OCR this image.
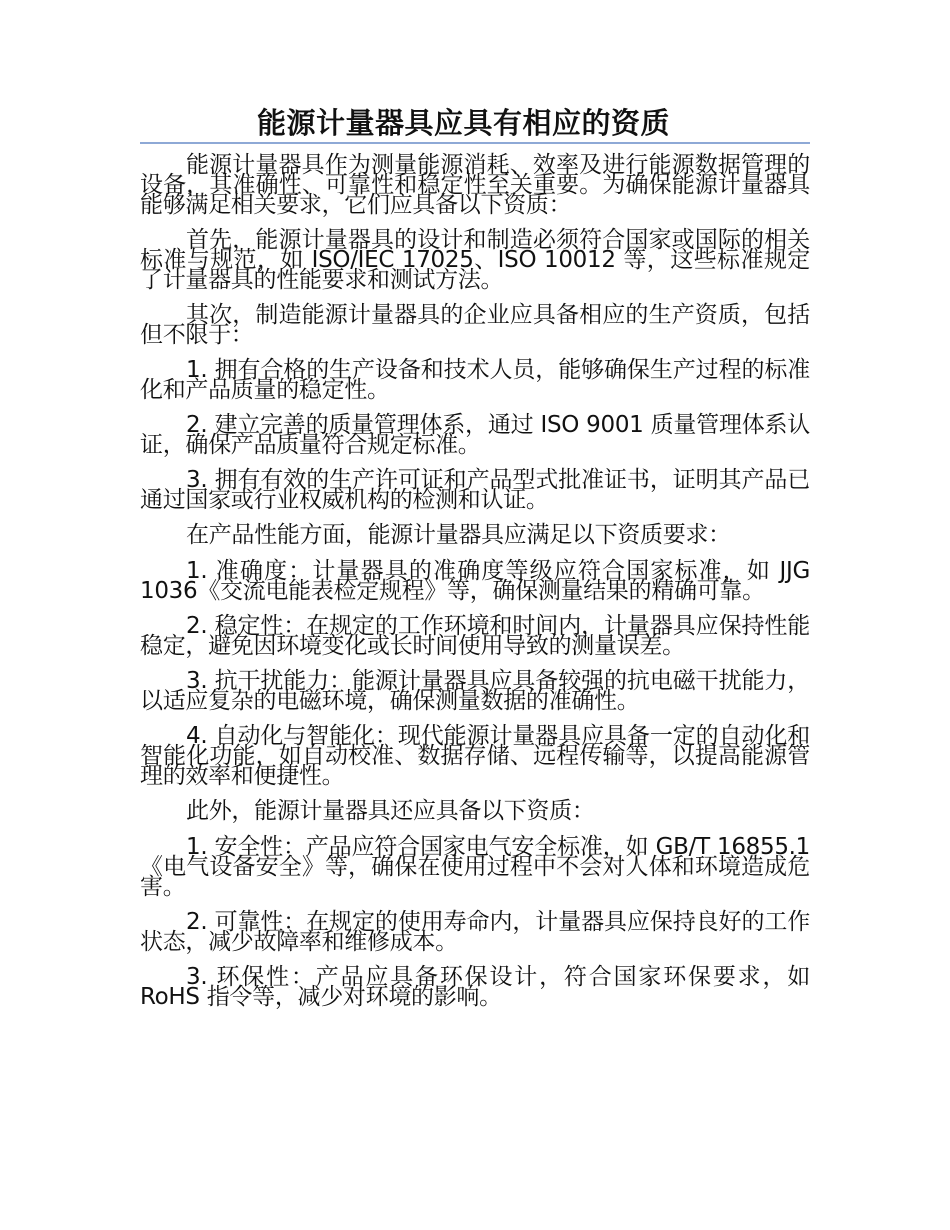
能源计量器具应具有相应的资质

能源计量器具作为测量能源消耗、效率及进行能源数据管理的设备，其准确性、可靠性和稳定性至关重要。为确保能源计量器具能够满足相关要求，它们应具备以下资质：

首先，能源计量器具的设计和制造必须符合国家或国际的相关标准与规范，如 ISO/IEC 17025、ISO 10012 等，这些标准规定了计量器具的性能要求和测试方法。

其次，制造能源计量器具的企业应具备相应的生产资质，包括但不限于：

1. 拥有合格的生产设备和技术人员，能够确保生产过程的标准化和产品质量的稳定性。

2. 建立完善的质量管理体系，通过 ISO 9001 质量管理体系认证，确保产品质量符合规定标准。

3. 拥有有效的生产许可证和产品型式批准证书，证明其产品已通过国家或行业权威机构的检测和认证。

在产品性能方面，能源计量器具应满足以下资质要求：

1. 准确度：计量器具的准确度等级应符合国家标准，如 JJG 1036《交流电能表检定规程》等，确保测量结果的精确可靠。

2. 稳定性：在规定的工作环境和时间内，计量器具应保持性能稳定，避免因环境变化或长时间使用导致的测量误差。

3. 抗干扰能力：能源计量器具应具备较强的抗电磁干扰能力，以适应复杂的电磁环境，确保测量数据的准确性。

4. 自动化与智能化：现代能源计量器具应具备一定的自动化和智能化功能，如自动校准、数据存储、远程传输等，以提高能源管理的效率和便捷性。

此外，能源计量器具还应具备以下资质：

1. 安全性：产品应符合国家电气安全标准，如 GB/T 16855.1《电气设备安全》等，确保在使用过程中不会对人体和环境造成危害。

2. 可靠性：在规定的使用寿命内，计量器具应保持良好的工作状态，减少故障率和维修成本。

3. 环保性：产品应具备环保设计，符合国家环保要求，如 RoHS 指令等，减少对环境的影响。
